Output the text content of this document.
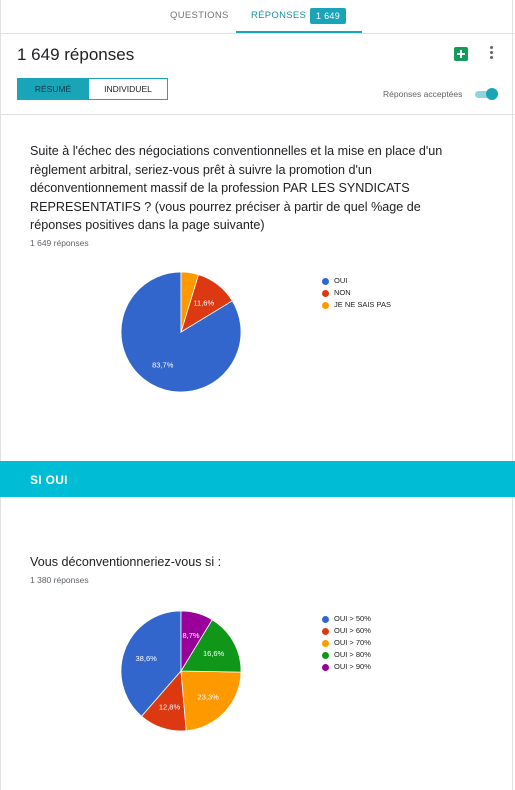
QUESTIONS	RÉPONSES	1 649
1 649 réponses
RÉSUMÉ	INDIVIDUEL	Réponses acceptées
Suite à l'échec des négociations conventionnelles et la mise en place d'un règlement arbitral, seriez-vous prêt à suivre la promotion d'un déconventionnement massif de la profession PAR LES SYNDICATS REPRESENTATIFS ? (vous pourrez préciser à partir de quel %age de réponses positives dans la page suivante)
1 649 réponses
83,7%
11,6%
OUI
NON
JE NE SAIS PAS
SI OUI
Vous déconventionneriez-vous si :
1 380 réponses
38,6%
12,8%
23,3%
16,6%
8,7%
OUI > 50%
OUI > 60%
OUI > 70%
OUI > 80%
OUI > 90%
